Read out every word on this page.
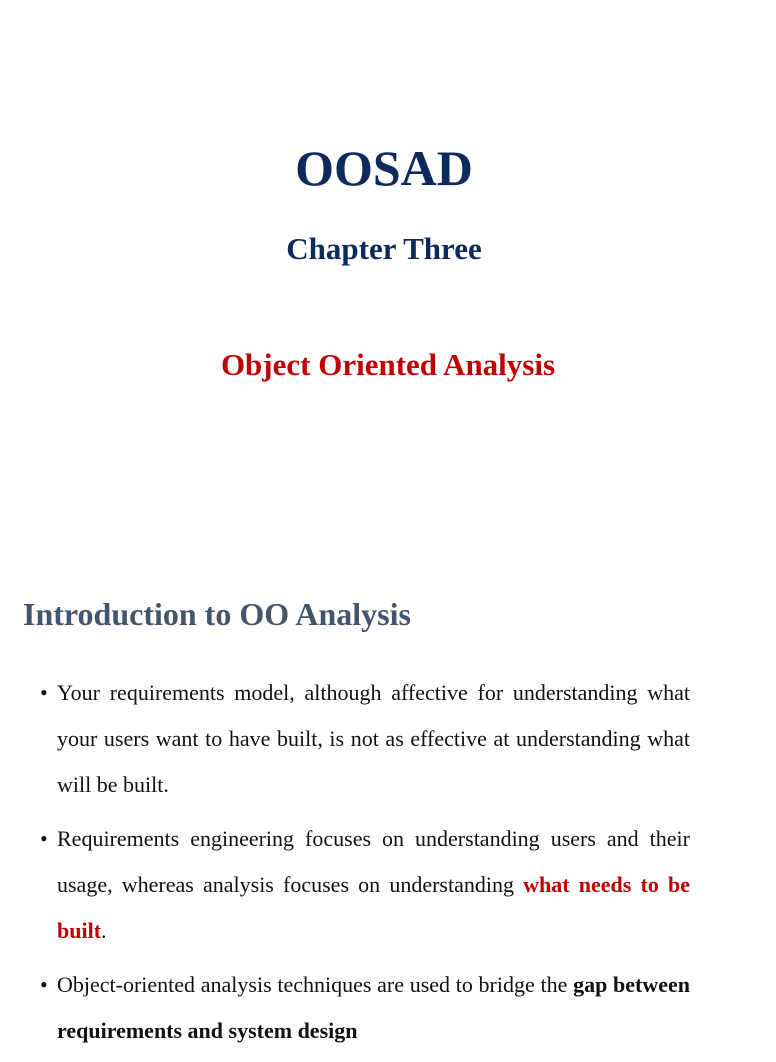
OOSAD
Chapter Three
Object Oriented Analysis
Introduction to OO Analysis
• Your requirements model, although affective for understanding what your users want to have built, is not as effective at understanding what will be built.
• Requirements engineering focuses on understanding users and their usage, whereas analysis focuses on understanding what needs to be built.
• Object-oriented analysis techniques are used to bridge the gap between requirements and system design
